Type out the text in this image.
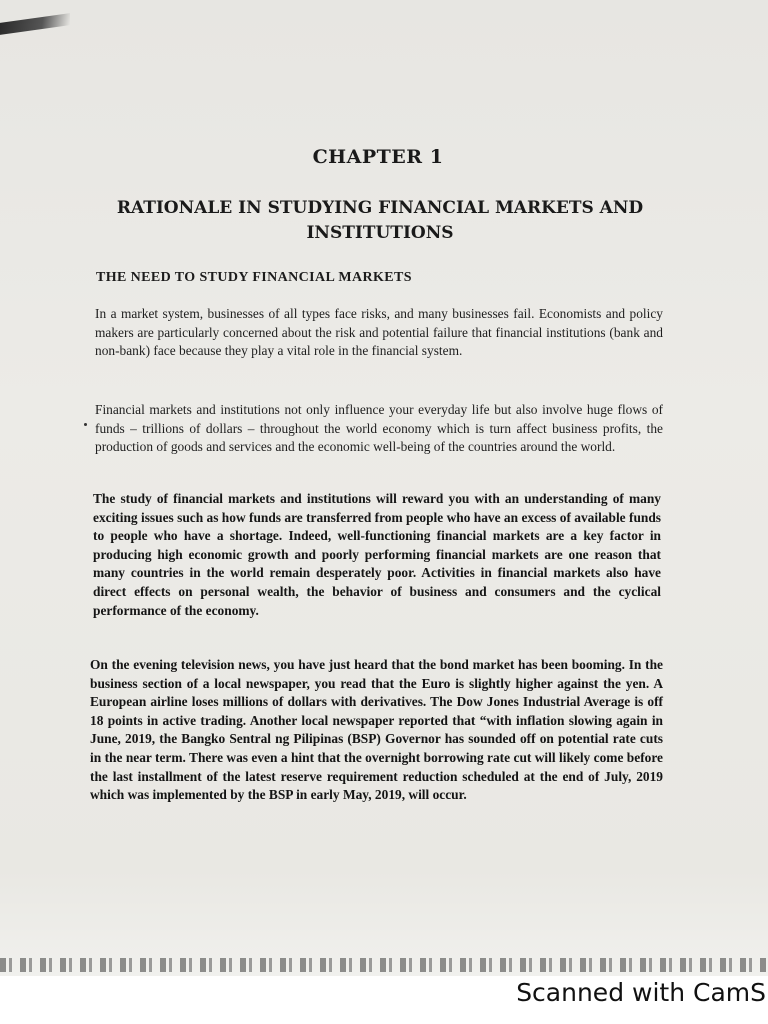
CHAPTER 1
RATIONALE IN STUDYING FINANCIAL MARKETS AND INSTITUTIONS
THE NEED TO STUDY FINANCIAL MARKETS

In a market system, businesses of all types face risks, and many businesses fail. Economists and policy makers are particularly concerned about the risk and potential failure that financial institutions (bank and non-bank) face because they play a vital role in the financial system.

Financial markets and institutions not only influence your everyday life but also involve huge flows of funds – trillions of dollars – throughout the world economy which is turn affect business profits, the production of goods and services and the economic well-being of the countries around the world.

The study of financial markets and institutions will reward you with an understanding of many exciting issues such as how funds are transferred from people who have an excess of available funds to people who have a shortage. Indeed, well-functioning financial markets are a key factor in producing high economic growth and poorly performing financial markets are one reason that many countries in the world remain desperately poor. Activities in financial markets also have direct effects on personal wealth, the behavior of business and consumers and the cyclical performance of the economy.

On the evening television news, you have just heard that the bond market has been booming. In the business section of a local newspaper, you read that the Euro is slightly higher against the yen. A European airline loses millions of dollars with derivatives. The Dow Jones Industrial Average is off 18 points in active trading. Another local newspaper reported that “with inflation slowing again in June, 2019, the Bangko Sentral ng Pilipinas (BSP) Governor has sounded off on potential rate cuts in the near term. There was even a hint that the overnight borrowing rate cut will likely come before the last installment of the latest reserve requirement reduction scheduled at the end of July, 2019 which was implemented by the BSP in early May, 2019, will occur.

Scanned with CamS
